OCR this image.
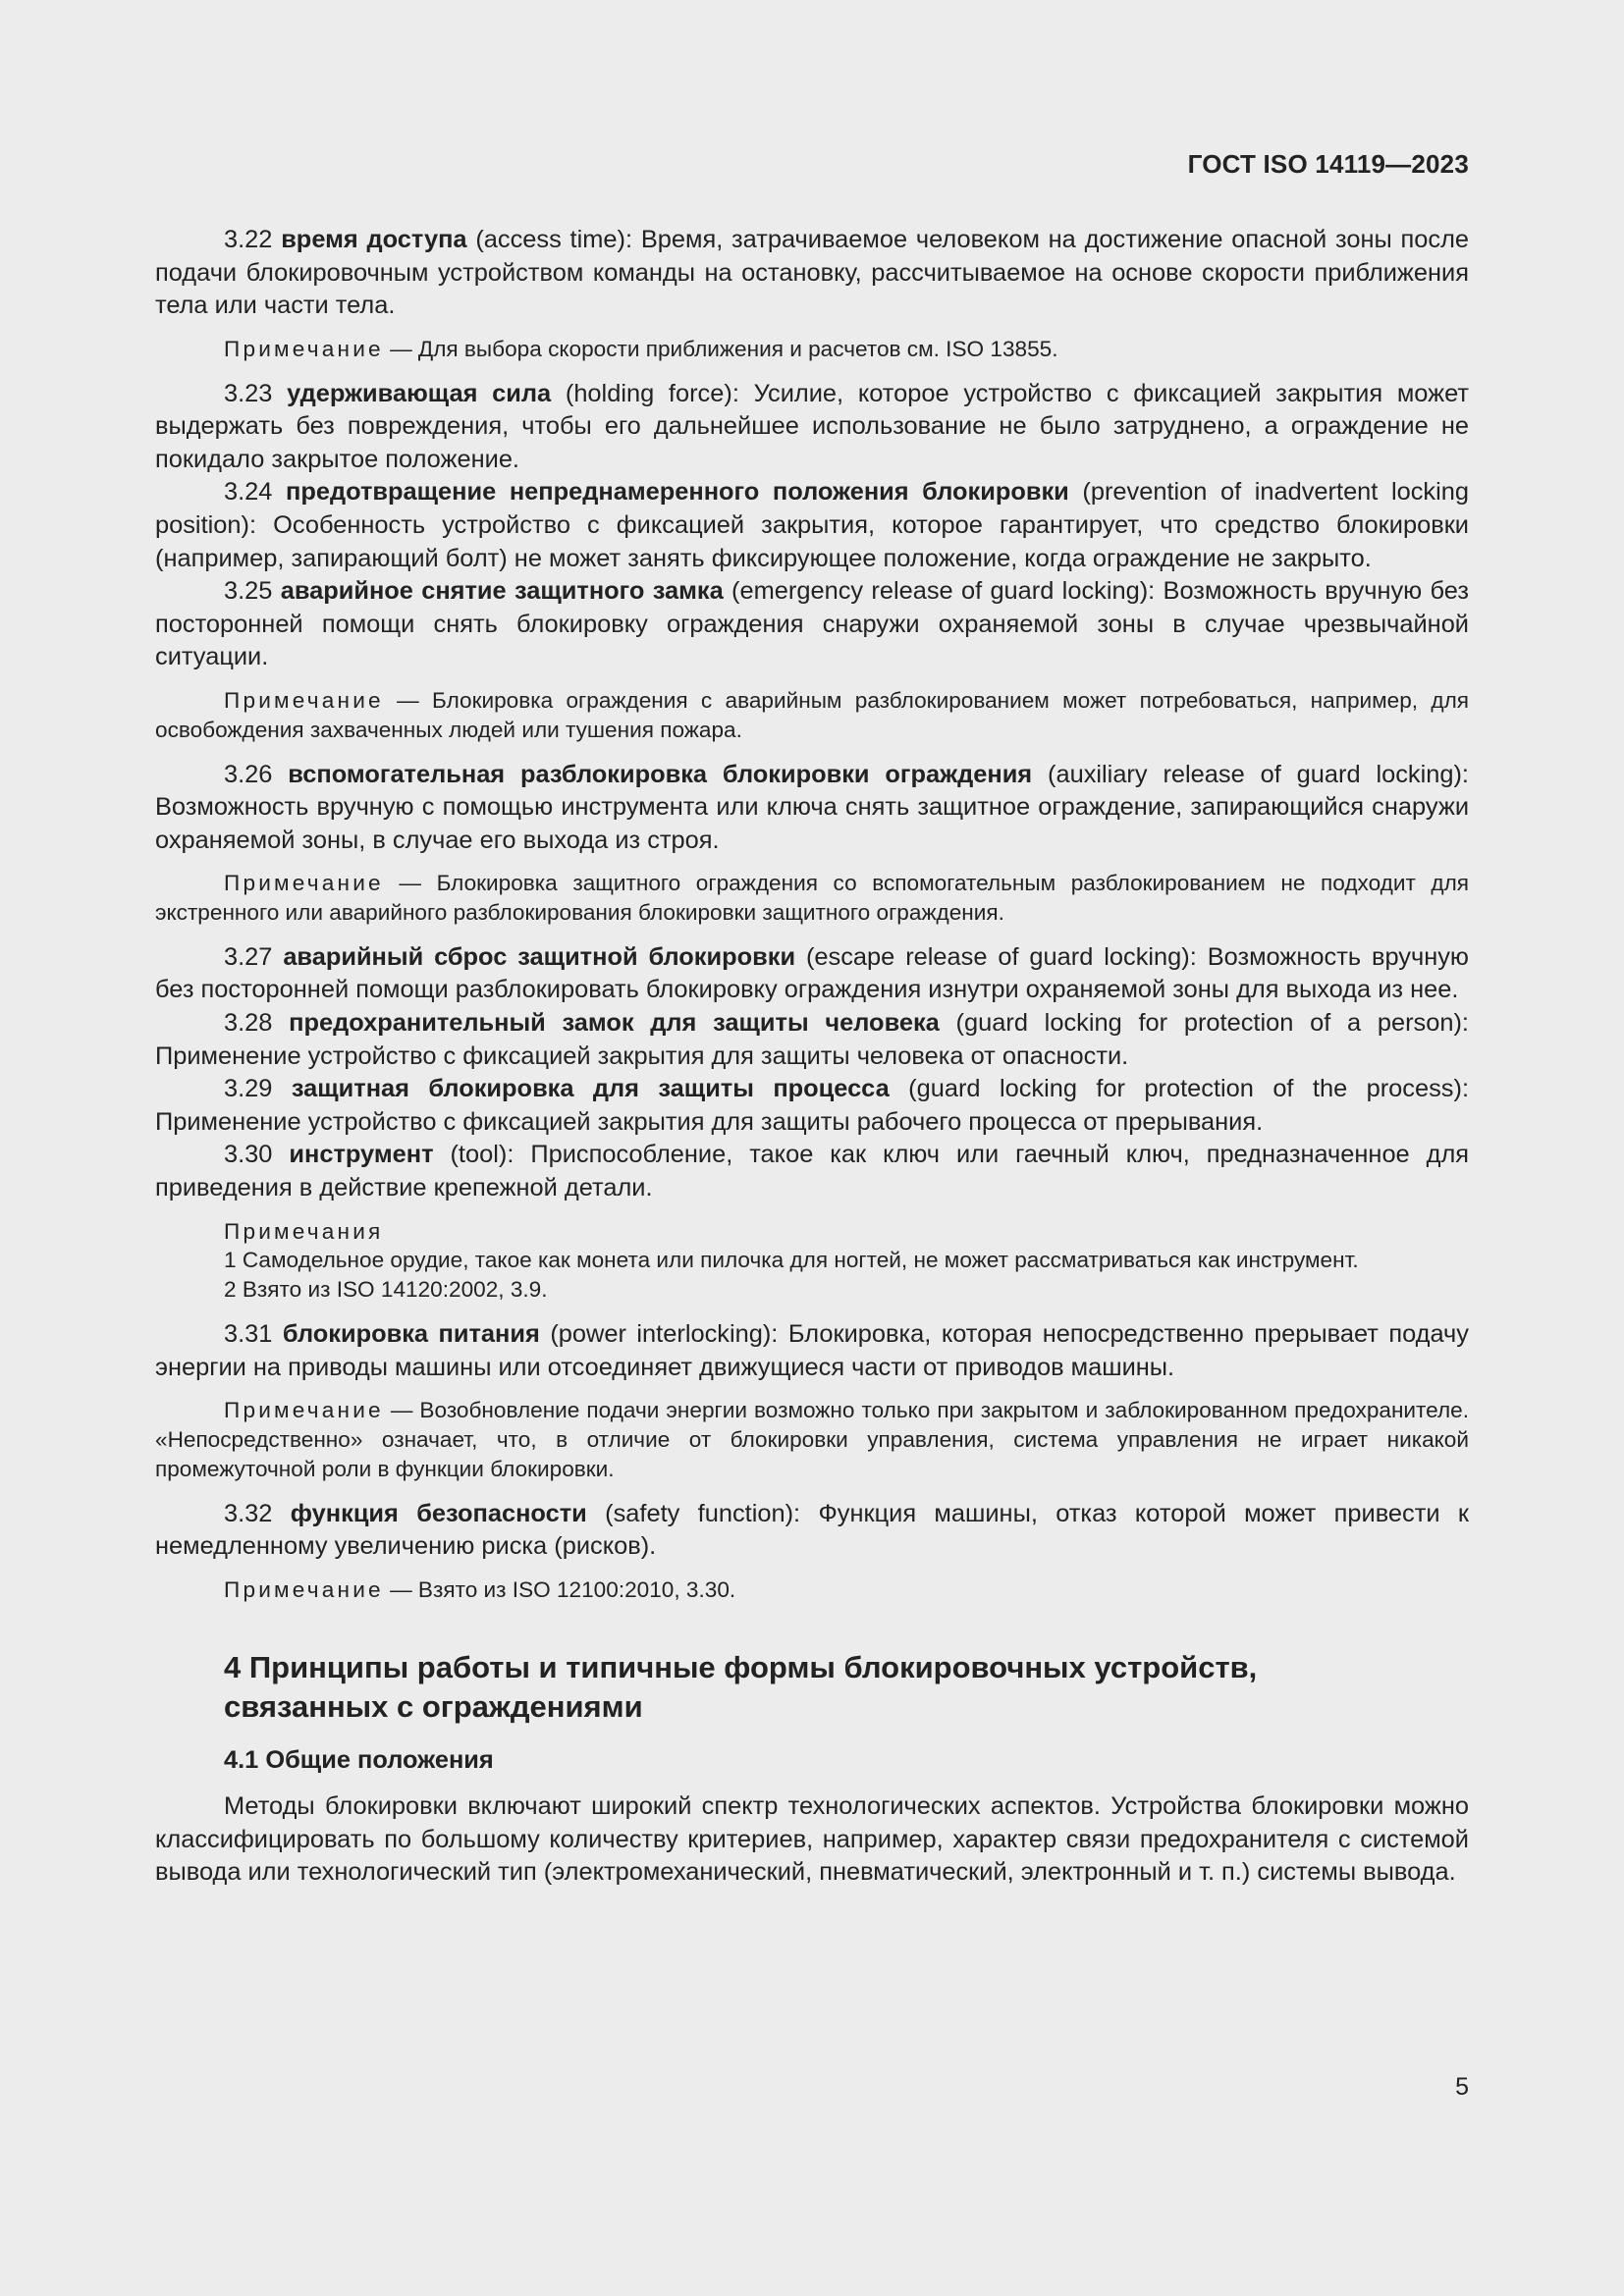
ГОСТ ISO 14119—2023

3.22 время доступа (access time): Время, затрачиваемое человеком на достижение опасной зоны после подачи блокировочным устройством команды на остановку, рассчитываемое на основе скорости приближения тела или части тела.

Примечание — Для выбора скорости приближения и расчетов см. ISO 13855.

3.23 удерживающая сила (holding force): Усилие, которое устройство с фиксацией закрытия может выдержать без повреждения, чтобы его дальнейшее использование не было затруднено, а ограждение не покидало закрытое положение.

3.24 предотвращение непреднамеренного положения блокировки (prevention of inadvertent locking position): Особенность устройство с фиксацией закрытия, которое гарантирует, что средство блокировки (например, запирающий болт) не может занять фиксирующее положение, когда ограждение не закрыто.

3.25 аварийное снятие защитного замка (emergency release of guard locking): Возможность вручную без посторонней помощи снять блокировку ограждения снаружи охраняемой зоны в случае чрезвычайной ситуации.

Примечание — Блокировка ограждения с аварийным разблокированием может потребоваться, например, для освобождения захваченных людей или тушения пожара.

3.26 вспомогательная разблокировка блокировки ограждения (auxiliary release of guard locking): Возможность вручную с помощью инструмента или ключа снять защитное ограждение, запирающийся снаружи охраняемой зоны, в случае его выхода из строя.

Примечание — Блокировка защитного ограждения со вспомогательным разблокированием не подходит для экстренного или аварийного разблокирования блокировки защитного ограждения.

3.27 аварийный сброс защитной блокировки (escape release of guard locking): Возможность вручную без посторонней помощи разблокировать блокировку ограждения изнутри охраняемой зоны для выхода из нее.

3.28 предохранительный замок для защиты человека (guard locking for protection of a person): Применение устройство с фиксацией закрытия для защиты человека от опасности.

3.29 защитная блокировка для защиты процесса (guard locking for protection of the process): Применение устройство с фиксацией закрытия для защиты рабочего процесса от прерывания.

3.30 инструмент (tool): Приспособление, такое как ключ или гаечный ключ, предназначенное для приведения в действие крепежной детали.

Примечания
1 Самодельное орудие, такое как монета или пилочка для ногтей, не может рассматриваться как инструмент.
2 Взято из ISO 14120:2002, 3.9.

3.31 блокировка питания (power interlocking): Блокировка, которая непосредственно прерывает подачу энергии на приводы машины или отсоединяет движущиеся части от приводов машины.

Примечание — Возобновление подачи энергии возможно только при закрытом и заблокированном предохранителе. «Непосредственно» означает, что, в отличие от блокировки управления, система управления не играет никакой промежуточной роли в функции блокировки.

3.32 функция безопасности (safety function): Функция машины, отказ которой может привести к немедленному увеличению риска (рисков).

Примечание — Взято из ISO 12100:2010, 3.30.

4 Принципы работы и типичные формы блокировочных устройств, связанных с ограждениями
4.1 Общие положения

Методы блокировки включают широкий спектр технологических аспектов. Устройства блокировки можно классифицировать по большому количеству критериев, например, характер связи предохранителя с системой вывода или технологический тип (электромеханический, пневматический, электронный и т. п.) системы вывода.

5
